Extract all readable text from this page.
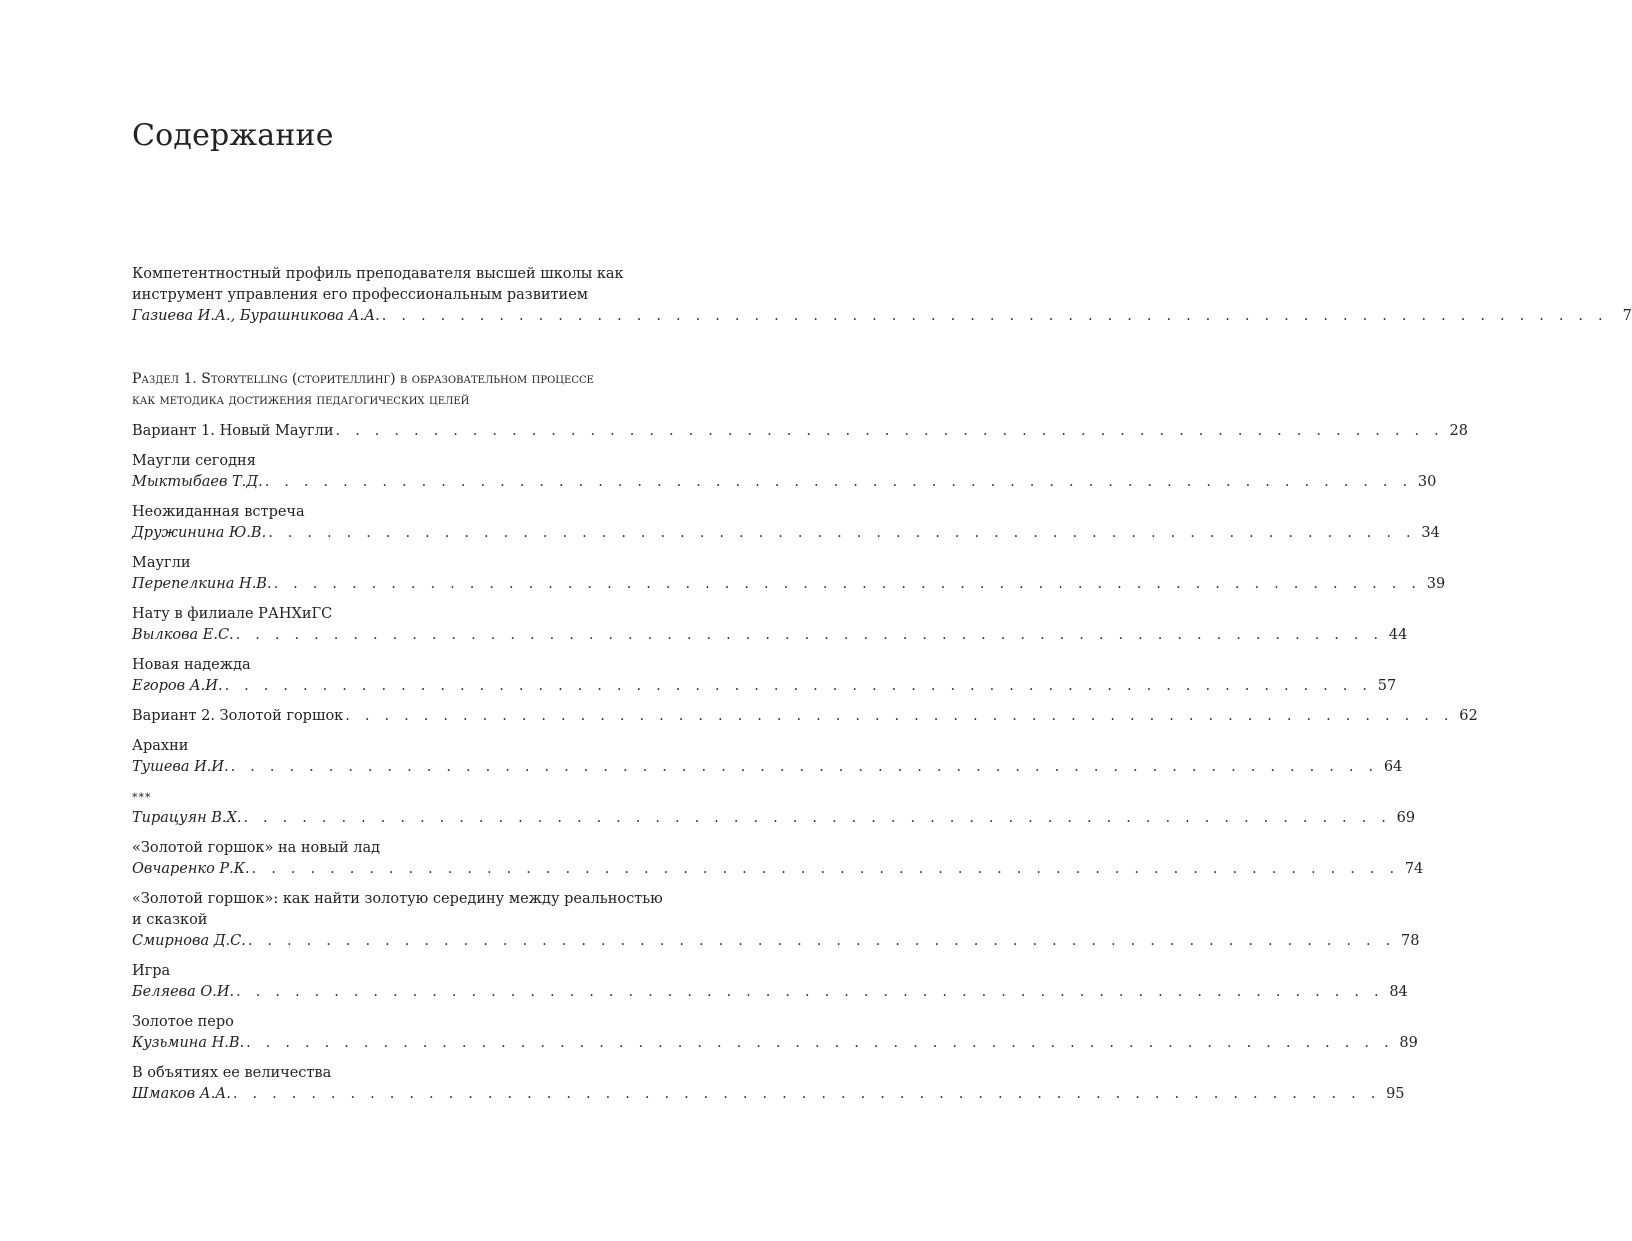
Содержание
Компетентностный профиль преподавателя высшей школы как
инструмент управления его профессиональным развитием
Газиева И.А., Бурашникова А.А. . . . . . . . . . . . . . . . . . . . . . . . . . . . . . . . . . . . . . . . . . . . . . . . . . . . . . . . . . . . . . . .	7
Раздел 1. Storytelling (сторителлинг) в образовательном процессе
как методика достижения педагогических целей
Вариант 1. Новый Маугли . . . . . . . . . . . . . . . . . . . . . . . . . . . . . . . . . . . . . . . . . . . . . . . . . . . . . . . . . 28
Маугли сегодня
Мыктыбаев Т.Д. . . . . . . . . . . . . . . . . . . . . . . . . . . . . . . . . . . . . . . . . . . . . . . . . . . . . . . . . . . . 30
Неожиданная встреча
Дружинина Ю.В. . . . . . . . . . . . . . . . . . . . . . . . . . . . . . . . . . . . . . . . . . . . . . . . . . . . . . . . . . . . 34
Маугли
Перепелкина Н.В. . . . . . . . . . . . . . . . . . . . . . . . . . . . . . . . . . . . . . . . . . . . . . . . . . . . . . . . . . . . 39
Нату в филиале РАНХиГС
Вылкова Е.С. . . . . . . . . . . . . . . . . . . . . . . . . . . . . . . . . . . . . . . . . . . . . . . . . . . . . . . . . . . . 44
Новая надежда
Егоров А.И. . . . . . . . . . . . . . . . . . . . . . . . . . . . . . . . . . . . . . . . . . . . . . . . . . . . . . . . . . . . 57
Вариант 2. Золотой горшок . . . . . . . . . . . . . . . . . . . . . . . . . . . . . . . . . . . . . . . . . . . . . . . . . . . . . . . . . 62
Арахни
Тушева И.И. . . . . . . . . . . . . . . . . . . . . . . . . . . . . . . . . . . . . . . . . . . . . . . . . . . . . . . . . . . . 64
***
Тирацуян В.Х. . . . . . . . . . . . . . . . . . . . . . . . . . . . . . . . . . . . . . . . . . . . . . . . . . . . . . . . . . . . 69
«Золотой горшок» на новый лад
Овчаренко Р.К. . . . . . . . . . . . . . . . . . . . . . . . . . . . . . . . . . . . . . . . . . . . . . . . . . . . . . . . . . . . 74
«Золотой горшок»: как найти золотую середину между реальностью
и сказкой
Смирнова Д.С. . . . . . . . . . . . . . . . . . . . . . . . . . . . . . . . . . . . . . . . . . . . . . . . . . . . . . . . . . . . 78
Игра
Беляева О.И. . . . . . . . . . . . . . . . . . . . . . . . . . . . . . . . . . . . . . . . . . . . . . . . . . . . . . . . . . . . 84
Золотое перо
Кузьмина Н.В. . . . . . . . . . . . . . . . . . . . . . . . . . . . . . . . . . . . . . . . . . . . . . . . . . . . . . . . . . . . 89
В объятиях ее величества
Шмаков А.А. . . . . . . . . . . . . . . . . . . . . . . . . . . . . . . . . . . . . . . . . . . . . . . . . . . . . . . . . . . . 95
